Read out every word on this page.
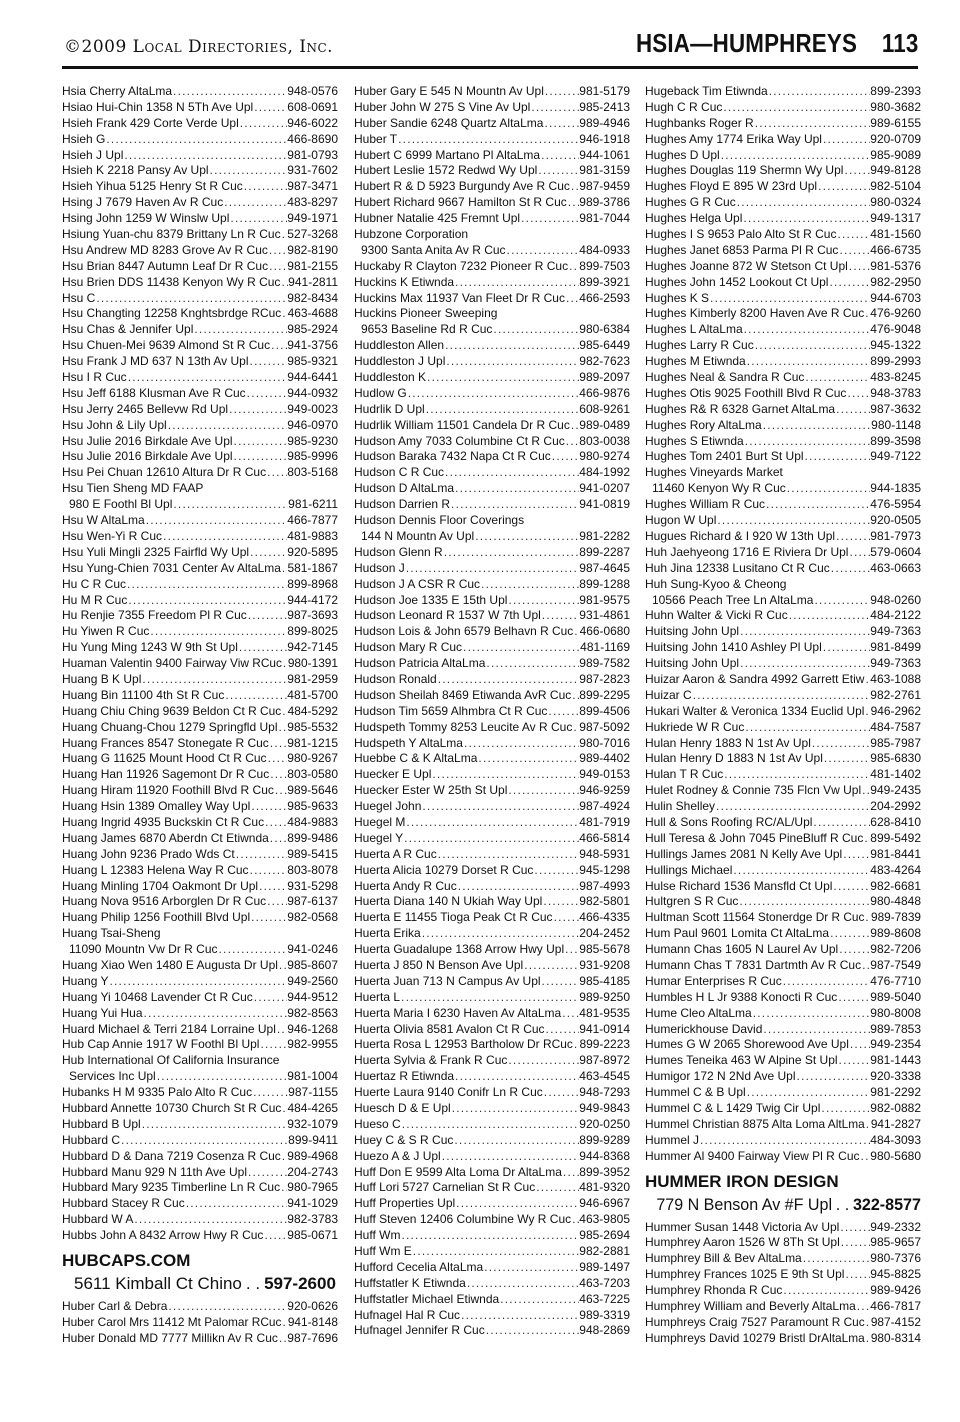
©2009 Local Directories, Inc.	HSIA—HUMPHREYS 113
Hsia Cherry AltaLma .....	948-0576
Hsiao Hui-Chin 1358 N 5Th Ave Upl .....	608-0691
Hsieh Frank 429 Corte Verde Upl .....	946-6022
Hsieh G .....	466-8690
Hsieh J Upl .....	981-0793
Hsieh K 2218 Pansy Av Upl .....	931-7602
Hsieh Yihua 5125 Henry St R Cuc .....	987-3471
Hsing J 7679 Haven Av R Cuc .....	483-8297
Hsing John 1259 W Winslw Upl .....	949-1971
Hsiung Yuan-chu 8379 Brittany Ln R Cuc ..... 527-3268
Hsu Andrew MD 8283 Grove Av R Cuc ..... 982-8190
Hsu Brian 8447 Autumn Leaf Dr R Cuc ..... 981-2155
Hsu Brien DDS 11438 Kenyon Wy R Cuc ..... 941-2811
Hsu C .....	982-8434
Hsu Changting 12258 Knghtsbrdge RCuc ..... 463-4688
Hsu Chas & Jennifer Upl .....	985-2924
Hsu Chuen-Mei 9639 Almond St R Cuc ..... 941-3756
Hsu Frank J MD 637 N 13th Av Upl .....	985-9321
Hsu I R Cuc .....	944-6441
Hsu Jeff 6188 Klusman Ave R Cuc .....	944-0932
Hsu Jerry 2465 Bellevw Rd Upl .....	949-0023
Hsu John & Lily Upl .....	946-0970
Hsu Julie 2016 Birkdale Ave Upl .....	985-9230
Hsu Julie 2016 Birkdale Ave Upl .....	985-9996
Hsu Pei Chuan 12610 Altura Dr R Cuc ..... 803-5168
Hsu Tien Sheng MD FAAP
980 E Foothl Bl Upl .....	981-6211
Hsu W AltaLma .....	466-7877
Hsu Wen-Yi R Cuc .....	481-9883
Hsu Yuli Mingli 2325 Fairfld Wy Upl .....	920-5895
Hsu Yung-Chien 7031 Center Av AltaLma ..... 581-1867
Hu C R Cuc .....	899-8968
Hu M R Cuc .....	944-4172
Hu Renjie 7355 Freedom Pl R Cuc .....	987-3693
Hu Yiwen R Cuc .....	899-8025
Hu Yung Ming 1243 W 9th St Upl .....	942-7145
Huaman Valentin 9400 Fairway Viw RCuc ..... 980-1391
Huang B K Upl .....	981-2959
Huang Bin 11100 4th St R Cuc .....	481-5700
Huang Chiu Ching 9639 Beldon Ct R Cuc ..... 484-5292
Huang Chuang-Chou 1279 Springfld Upl ..... 985-5532
Huang Frances 8547 Stonegate R Cuc ..... 981-1215
Huang G 11625 Mount Hood Ct R Cuc ..... 980-9267
Huang Han 11926 Sagemont Dr R Cuc ..... 803-0580
Huang Hiram 11920 Foothill Blvd R Cuc ..... 989-5646
Huang Hsin 1389 Omalley Way Upl .....	985-9633
Huang Ingrid 4935 Buckskin Ct R Cuc ..... 484-9883
Huang James 6870 Aberdn Ct Etiwnda ..... 899-9486
Huang John 9236 Prado Wds Ct .....	989-5415
Huang L 12383 Helena Way R Cuc .....	803-8078
Huang Minling 1704 Oakmont Dr Upl ..... 931-5298
Huang Nova 9516 Arborglen Dr R Cuc ..... 987-6137
Huang Philip 1256 Foothill Blvd Upl .....	982-0568
Huang Tsai-Sheng
11090 Mountn Vw Dr R Cuc .....	941-0246
Huang Xiao Wen 1480 E Augusta Dr Upl ..... 985-8607
Huang Y .....	949-2560
Huang Yi 10468 Lavender Ct R Cuc .....	944-9512
Huang Yui Hua .....	982-8563
Huard Michael & Terri 2184 Lorraine Upl ..... 946-1268
Hub Cap Annie 1917 W Foothl Bl Upl ..... 982-9955
Hub International Of California Insurance
Services Inc Upl .....	981-1004
Hubanks H M 9335 Palo Alto R Cuc .....	987-1155
Hubbard Annette 10730 Church St R Cuc ..... 484-4265
Hubbard B Upl .....	932-1079
Hubbard C .....	899-9411
Hubbard D & Dana 7219 Cosenza R Cuc ..... 989-4968
Hubbard Manu 929 N 11th Ave Upl .....	204-2743
Hubbard Mary 9235 Timberline Ln R Cuc ..... 980-7965
Hubbard Stacey R Cuc .....	941-1029
Hubbard W A .....	982-3783
Hubbs John A 8432 Arrow Hwy R Cuc ..... 985-0671
HUBCAPS.COM
5611 Kimball Ct Chino . . 597-2600
Huber Carl & Debra .....	920-0626
Huber Carol Mrs 11412 Mt Palomar RCuc ..... 941-8148
Huber Donald MD 7777 Millikn Av R Cuc ..... 987-7696
Huber Gary E 545 N Mountn Av Upl .....	981-5179
Huber John W 275 S Vine Av Upl .....	985-2413
Huber Sandie 6248 Quartz AltaLma .....	989-4946
Huber T .....	946-1918
Hubert C 6999 Martano Pl AltaLma .....	944-1061
Hubert Leslie 1572 Redwd Wy Upl .....	981-3159
Hubert R & D 5923 Burgundy Ave R Cuc ..... 987-9459
Hubert Richard 9667 Hamilton St R Cuc ..... 989-3786
Hubner Natalie 425 Fremnt Upl .....	981-7044
Hubzone Corporation
9300 Santa Anita Av R Cuc .....	484-0933
Huckaby R Clayton 7232 Pioneer R Cuc ..... 899-7503
Huckins K Etiwnda .....	899-3921
Huckins Max 11937 Van Fleet Dr R Cuc ..... 466-2593
Huckins Pioneer Sweeping
9653 Baseline Rd R Cuc .....	980-6384
Huddleston Allen .....	985-6449
Huddleston J Upl .....	982-7623
Huddleston K .....	989-2097
Hudlow G .....	466-9876
Hudrlik D Upl .....	608-9261
Hudrlik William 11501 Candela Dr R Cuc ..... 989-0489
Hudson Amy 7033 Columbine Ct R Cuc ..... 803-0038
Hudson Baraka 7432 Napa Ct R Cuc ..... 980-9274
Hudson C R Cuc .....	484-1992
Hudson D AltaLma .....	941-0207
Hudson Darrien R .....	941-0819
Hudson Dennis Floor Coverings
144 N Mountn Av Upl .....	981-2282
Hudson Glenn R .....	899-2287
Hudson J .....	987-4645
Hudson J A CSR R Cuc .....	899-1288
Hudson Joe 1335 E 15th Upl .....	981-9575
Hudson Leonard R 1537 W 7th Upl .....	931-4861
Hudson Lois & John 6579 Belhavn R Cuc ..... 466-0680
Hudson Mary R Cuc .....	481-1169
Hudson Patricia AltaLma .....	989-7582
Hudson Ronald .....	987-2823
Hudson Sheilah 8469 Etiwanda AvR Cuc ..... 899-2295
Hudson Tim 5659 Alhmbra Ct R Cuc .....	899-4506
Hudspeth Tommy 8253 Leucite Av R Cuc ..... 987-5092
Hudspeth Y AltaLma .....	980-7016
Huebbe C & K AltaLma .....	989-4402
Huecker E Upl .....	949-0153
Huecker Ester W 25th St Upl .....	946-9259
Huegel John .....	987-4924
Huegel M .....	481-7919
Huegel Y .....	466-5814
Huerta A R Cuc .....	948-5931
Huerta Alicia 10279 Dorset R Cuc .....	945-1298
Huerta Andy R Cuc .....	987-4993
Huerta Diana 140 N Ukiah Way Upl .....	982-5801
Huerta E 11455 Tioga Peak Ct R Cuc ..... 466-4335
Huerta Erika .....	204-2452
Huerta Guadalupe 1368 Arrow Hwy Upl ..... 985-5678
Huerta J 850 N Benson Ave Upl .....	931-9208
Huerta Juan 713 N Campus Av Upl .....	985-4185
Huerta L .....	989-9250
Huerta Maria I 6230 Haven Av AltaLma ..... 481-9535
Huerta Olivia 8581 Avalon Ct R Cuc .....	941-0914
Huerta Rosa L 12953 Bartholow Dr RCuc ..... 899-2223
Huerta Sylvia & Frank R Cuc .....	987-8972
Huertaz R Etiwnda .....	463-4545
Huerte Laura 9140 Conifr Ln R Cuc .....	948-7293
Huesch D & E Upl .....	949-9843
Hueso C .....	920-0250
Huey C & S R Cuc .....	899-9289
Huezo A & J Upl .....	944-8368
Huff Don E 9599 Alta Loma Dr AltaLma ..... 899-3952
Huff Lori 5727 Carnelian St R Cuc .....	481-9320
Huff Properties Upl .....	946-6967
Huff Steven 12406 Columbine Wy R Cuc ..... 463-9805
Huff Wm .....	985-2694
Huff Wm E .....	982-2881
Hufford Cecelia AltaLma .....	989-1497
Huffstatler K Etiwnda .....	463-7203
Huffstatler Michael Etiwnda .....	463-7225
Hufnagel Hal R Cuc .....	989-3319
Hufnagel Jennifer R Cuc .....	948-2869
Hugeback Tim Etiwnda .....	899-2393
Hugh C R Cuc .....	980-3682
Hughbanks Roger R .....	989-6155
Hughes Amy 1774 Erika Way Upl .....	920-0709
Hughes D Upl .....	985-9089
Hughes Douglas 119 Shermn Wy Upl ..... 949-8128
Hughes Floyd E 895 W 23rd Upl .....	982-5104
Hughes G R Cuc .....	980-0324
Hughes Helga Upl .....	949-1317
Hughes I S 9653 Palo Alto St R Cuc .....	481-1560
Hughes Janet 6853 Parma Pl R Cuc .....	466-6735
Hughes Joanne 872 W Stetson Ct Upl ..... 981-5376
Hughes John 1452 Lookout Ct Upl .....	982-2950
Hughes K S .....	944-6703
Hughes Kimberly 8200 Haven Ave R Cuc ..... 476-9260
Hughes L AltaLma .....	476-9048
Hughes Larry R Cuc .....	945-1322
Hughes M Etiwnda .....	899-2993
Hughes Neal & Sandra R Cuc .....	483-8245
Hughes Otis 9025 Foothill Blvd R Cuc ..... 948-3783
Hughes R& R 6328 Garnet AltaLma .....	987-3632
Hughes Rory AltaLma .....	980-1148
Hughes S Etiwnda .....	899-3598
Hughes Tom 2401 Burt St Upl .....	949-7122
Hughes Vineyards Market
11460 Kenyon Wy R Cuc .....	944-1835
Hughes William R Cuc .....	476-5954
Hugon W Upl .....	920-0505
Hugues Richard & I 920 W 13th Upl .....	981-7973
Huh Jaehyeong 1716 E Riviera Dr Upl ..... 579-0604
Huh Jina 12338 Lusitano Ct R Cuc .....	463-0663
Huh Sung-Kyoo & Cheong
10566 Peach Tree Ln AltaLma .....	948-0260
Huhn Walter & Vicki R Cuc .....	484-2122
Huitsing John Upl .....	949-7363
Huitsing John 1410 Ashley Pl Upl .....	981-8499
Huitsing John Upl .....	949-7363
Huizar Aaron & Sandra 4992 Garrett Etiw ..... 463-1088
Huizar C .....	982-2761
Hukari Walter & Veronica 1334 Euclid Upl ..... 946-2962
Hukriede W R Cuc .....	484-7587
Hulan Henry 1883 N 1st Av Upl .....	985-7987
Hulan Henry D 1883 N 1st Av Upl .....	985-6830
Hulan T R Cuc .....	481-1402
Hulet Rodney & Connie 735 Flcn Vw Upl ..... 949-2435
Hulin Shelley .....	204-2992
Hull & Sons Roofing RC/AL/Upl .....	628-8410
Hull Teresa & John 7045 PineBluff R Cuc ..... 899-5492
Hullings James 2081 N Kelly Ave Upl ..... 981-8441
Hullings Michael .....	483-4264
Hulse Richard 1536 Mansfld Ct Upl .....	982-6681
Hultgren S R Cuc .....	980-4848
Hultman Scott 11564 Stonerdge Dr R Cuc ..... 989-7839
Hum Paul 9601 Lomita Ct AltaLma .....	989-8608
Humann Chas 1605 N Laurel Av Upl .....	982-7206
Humann Chas T 7831 Dartmth Av R Cuc ..... 987-7549
Humar Enterprises R Cuc .....	476-7710
Humbles H L Jr 9388 Konocti R Cuc .....	989-5040
Hume Cleo AltaLma .....	980-8008
Humerickhouse David .....	989-7853
Humes G W 2065 Shorewood Ave Upl ..... 949-2354
Humes Teneika 463 W Alpine St Upl .....	981-1443
Humigor 172 N 2Nd Ave Upl .....	920-3338
Hummel C & B Upl .....	981-2292
Hummel C & L 1429 Twig Cir Upl .....	982-0882
Hummel Christian 8875 Alta Loma AltLma ..... 941-2827
Hummel J .....	484-3093
Hummer Al 9400 Fairway View Pl R Cuc ..... 980-5680
HUMMER IRON DESIGN
779 N Benson Av #F Upl . . 322-8577
Hummer Susan 1448 Victoria Av Upl .....	949-2332
Humphrey Aaron 1526 W 8Th St Upl .....	985-9657
Humphrey Bill & Bev AltaLma .....	980-7376
Humphrey Frances 1025 E 9th St Upl ..... 945-8825
Humphrey Rhonda R Cuc .....	989-9426
Humphrey William and Beverly AltaLma ..... 466-7817
Humphreys Craig 7527 Paramount R Cuc ..... 987-4152
Humphreys David 10279 Bristl DrAltaLma ..... 980-8314
